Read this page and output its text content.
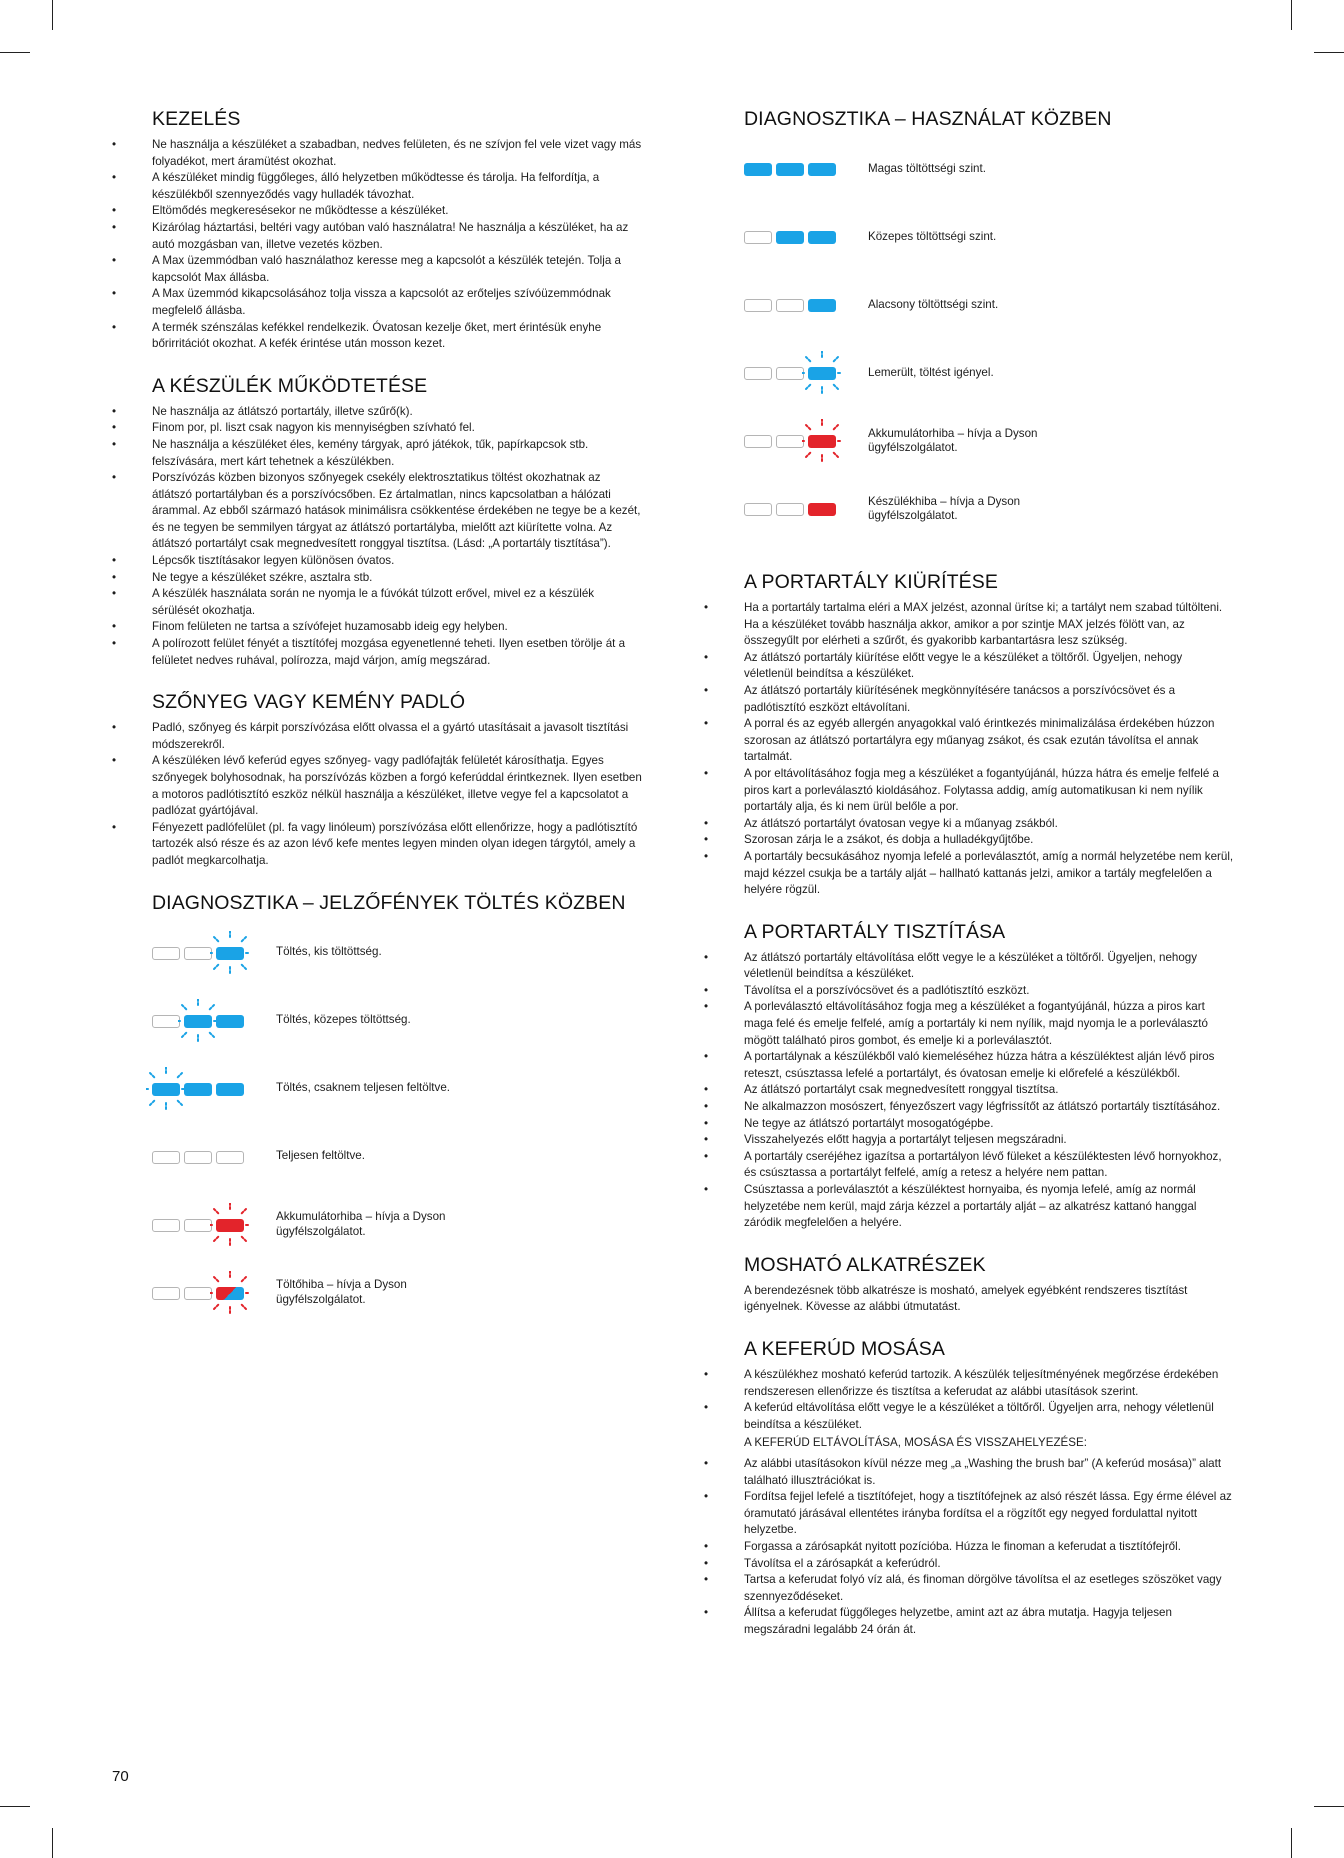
KEZELÉS
• Ne használja a készüléket a szabadban, nedves felületen, és ne szívjon fel vele vizet vagy más folyadékot, mert áramütést okozhat.
• A készüléket mindig függőleges, álló helyzetben működtesse és tárolja. Ha felfordítja, a készülékből szennyeződés vagy hulladék távozhat.
• Eltömődés megkeresésekor ne működtesse a készüléket.
• Kizárólag háztartási, beltéri vagy autóban való használatra! Ne használja a készüléket, ha az autó mozgásban van, illetve vezetés közben.
• A Max üzemmódban való használathoz keresse meg a kapcsolót a készülék tetején. Tolja a kapcsolót Max állásba.
• A Max üzemmód kikapcsolásához tolja vissza a kapcsolót az erőteljes szívóüzemmódnak megfelelő állásba.
• A termék szénszálas kefékkel rendelkezik. Óvatosan kezelje őket, mert érintésük enyhe bőrirritációt okozhat. A kefék érintése után mosson kezet.
A KÉSZÜLÉK MŰKÖDTETÉSE
• Ne használja az átlátszó portartály, illetve szűrő(k).
• Finom por, pl. liszt csak nagyon kis mennyiségben szívható fel.
• Ne használja a készüléket éles, kemény tárgyak, apró játékok, tűk, papírkapcsok stb. felszívására, mert kárt tehetnek a készülékben.
• Porszívózás közben bizonyos szőnyegek csekély elektrosztatikus töltést okozhatnak az átlátszó portartályban és a porszívócsőben. Ez ártalmatlan, nincs kapcsolatban a hálózati árammal. Az ebből származó hatások minimálisra csökkentése érdekében ne tegye be a kezét, és ne tegyen be semmilyen tárgyat az átlátszó portartályba, mielőtt azt kiürítette volna. Az átlátszó portartályt csak megnedvesített ronggyal tisztítsa. (Lásd: „A portartály tisztítása”).
• Lépcsők tisztításakor legyen különösen óvatos.
• Ne tegye a készüléket székre, asztalra stb.
• A készülék használata során ne nyomja le a fúvókát túlzott erővel, mivel ez a készülék sérülését okozhatja.
• Finom felületen ne tartsa a szívófejet huzamosabb ideig egy helyben.
• A polírozott felület fényét a tisztítófej mozgása egyenetlenné teheti. Ilyen esetben törölje át a felületet nedves ruhával, polírozza, majd várjon, amíg megszárad.
SZŐNYEG VAGY KEMÉNY PADLÓ
• Padló, szőnyeg és kárpit porszívózása előtt olvassa el a gyártó utasításait a javasolt tisztítási módszerekről.
• A készüléken lévő keferúd egyes szőnyeg- vagy padlófajták felületét károsíthatja. Egyes szőnyegek bolyhosodnak, ha porszívózás közben a forgó keferúddal érintkeznek. Ilyen esetben a motoros padlótisztító eszköz nélkül használja a készüléket, illetve vegye fel a kapcsolatot a padlózat gyártójával.
• Fényezett padlófelület (pl. fa vagy linóleum) porszívózása előtt ellenőrizze, hogy a padlótisztító tartozék alsó része és az azon lévő kefe mentes legyen minden olyan idegen tárgytól, amely a padlót megkarcolhatja.
DIAGNOSZTIKA – JELZŐFÉNYEK TÖLTÉS KÖZBEN
Töltés, kis töltöttség.
Töltés, közepes töltöttség.
Töltés, csaknem teljesen feltöltve.
Teljesen feltöltve.
Akkumulátorhiba – hívja a Dyson ügyfélszolgálatot.
Töltőhiba – hívja a Dyson ügyfélszolgálatot.
DIAGNOSZTIKA – HASZNÁLAT KÖZBEN
Magas töltöttségi szint.
Közepes töltöttségi szint.
Alacsony töltöttségi szint.
Lemerült, töltést igényel.
Akkumulátorhiba – hívja a Dyson ügyfélszolgálatot.
Készülékhiba – hívja a Dyson ügyfélszolgálatot.
A PORTARTÁLY KIÜRÍTÉSE
• Ha a portartály tartalma eléri a MAX jelzést, azonnal ürítse ki; a tartályt nem szabad túltölteni. Ha a készüléket tovább használja akkor, amikor a por szintje MAX jelzés fölött van, az összegyűlt por elérheti a szűrőt, és gyakoribb karbantartásra lesz szükség.
• Az átlátszó portartály kiürítése előtt vegye le a készüléket a töltőről. Ügyeljen, nehogy véletlenül beindítsa a készüléket.
• Az átlátszó portartály kiürítésének megkönnyítésére tanácsos a porszívócsövet és a padlótisztító eszközt eltávolítani.
• A porral és az egyéb allergén anyagokkal való érintkezés minimalizálása érdekében húzzon szorosan az átlátszó portartályra egy műanyag zsákot, és csak ezután távolítsa el annak tartalmát.
• A por eltávolításához fogja meg a készüléket a fogantyújánál, húzza hátra és emelje felfelé a piros kart a porleválasztó kioldásához. Folytassa addig, amíg automatikusan ki nem nyílik portartály alja, és ki nem ürül belőle a por.
• Az átlátszó portartályt óvatosan vegye ki a műanyag zsákból.
• Szorosan zárja le a zsákot, és dobja a hulladékgyűjtőbe.
• A portartály becsukásához nyomja lefelé a porleválasztót, amíg a normál helyzetébe nem kerül, majd kézzel csukja be a tartály alját – hallható kattanás jelzi, amikor a tartály megfelelően a helyére rögzül.
A PORTARTÁLY TISZTÍTÁSA
• Az átlátszó portartály eltávolítása előtt vegye le a készüléket a töltőről. Ügyeljen, nehogy véletlenül beindítsa a készüléket.
• Távolítsa el a porszívócsövet és a padlótisztító eszközt.
• A porleválasztó eltávolításához fogja meg a készüléket a fogantyújánál, húzza a piros kart maga felé és emelje felfelé, amíg a portartály ki nem nyílik, majd nyomja le a porleválasztó mögött található piros gombot, és emelje ki a porleválasztót.
• A portartálynak a készülékből való kiemeléséhez húzza hátra a készüléktest alján lévő piros reteszt, csúsztassa lefelé a portartályt, és óvatosan emelje ki előrefelé a készülékből.
• Az átlátszó portartályt csak megnedvesített ronggyal tisztítsa.
• Ne alkalmazzon mosószert, fényezőszert vagy légfrissítőt az átlátszó portartály tisztításához.
• Ne tegye az átlátszó portartályt mosogatógépbe.
• Visszahelyezés előtt hagyja a portartályt teljesen megszáradni.
• A portartály cseréjéhez igazítsa a portartályon lévő füleket a készüléktesten lévő hornyokhoz, és csúsztassa a portartályt felfelé, amíg a retesz a helyére nem pattan.
• Csúsztassa a porleválasztót a készüléktest hornyaiba, és nyomja lefelé, amíg az normál helyzetébe nem kerül, majd zárja kézzel a portartály alját – az alkatrész kattanó hanggal záródik megfelelően a helyére.
MOSHATÓ ALKATRÉSZEK

A berendezésnek több alkatrésze is mosható, amelyek egyébként rendszeres tisztítást igényelnek. Kövesse az alábbi útmutatást.

A KEFERÚD MOSÁSA
• A készülékhez mosható keferúd tartozik. A készülék teljesítményének megőrzése érdekében rendszeresen ellenőrizze és tisztítsa a keferudat az alábbi utasítások szerint.
• A keferúd eltávolítása előtt vegye le a készüléket a töltőről. Ügyeljen arra, nehogy véletlenül beindítsa a készüléket.

A KEFERÚD ELTÁVOLÍTÁSA, MOSÁSA ÉS VISSZAHELYEZÉSE:

• Az alábbi utasításokon kívül nézze meg „a „Washing the brush bar” (A keferúd mosása)” alatt található illusztrációkat is.
• Fordítsa fejjel lefelé a tisztítófejet, hogy a tisztítófejnek az alsó részét lássa. Egy érme élével az óramutató járásával ellentétes irányba fordítsa el a rögzítőt egy negyed fordulattal nyitott helyzetbe.
• Forgassa a zárósapkát nyitott pozícióba. Húzza le finoman a keferudat a tisztítófejről.
• Távolítsa el a zárósapkát a keferúdról.
• Tartsa a keferudat folyó víz alá, és finoman dörgölve távolítsa el az esetleges szöszöket vagy szennyeződéseket.
• Állítsa a keferudat függőleges helyzetbe, amint azt az ábra mutatja. Hagyja teljesen megszáradni legalább 24 órán át.
70
